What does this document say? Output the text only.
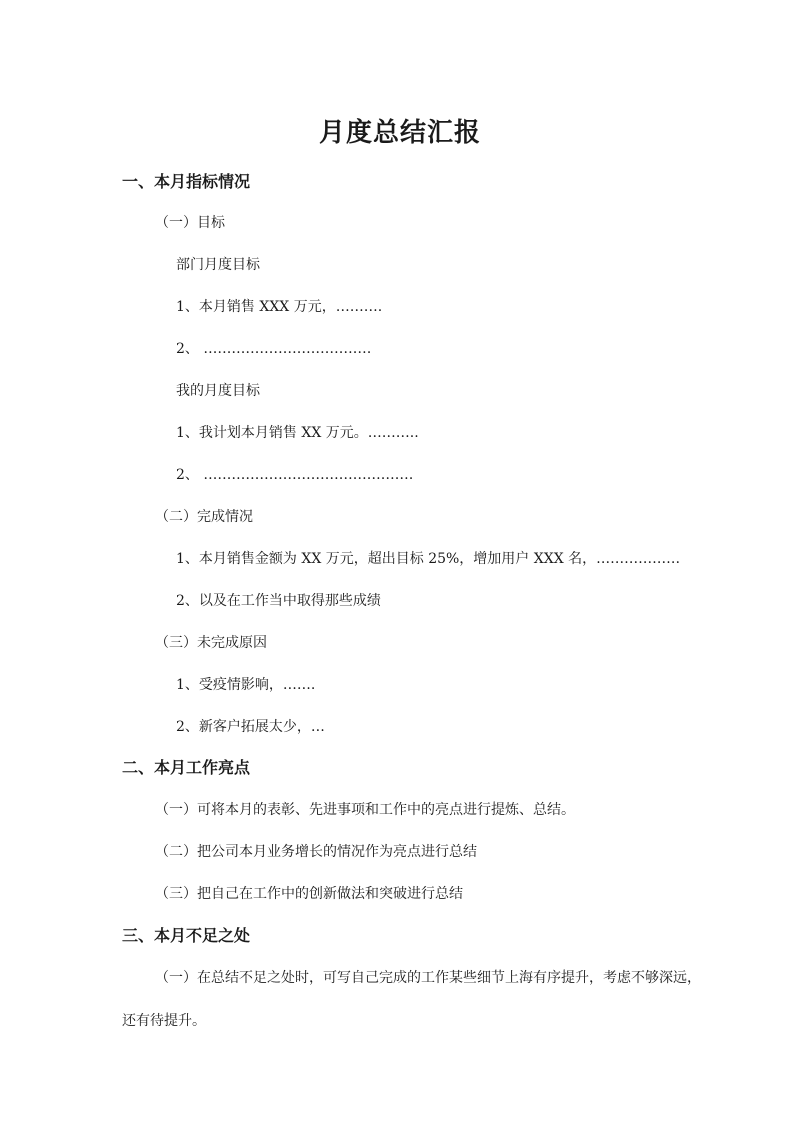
月度总结汇报
一、本月指标情况
（一）目标
部门月度目标
1、本月销售 XXX 万元，……….
2、 ………………………………
我的月度目标
1、我计划本月销售 XX 万元。………..
2、 ………………………………………
（二）完成情况
1、本月销售金额为 XX 万元，超出目标 25%，增加用户 XXX 名，………………
2、以及在工作当中取得那些成绩
（三）未完成原因
1、受疫情影响，…….
2、新客户拓展太少，…
二、本月工作亮点
（一）可将本月的表彰、先进事项和工作中的亮点进行提炼、总结。
（二）把公司本月业务增长的情况作为亮点进行总结
（三）把自己在工作中的创新做法和突破进行总结
三、本月不足之处
（一）在总结不足之处时，可写自己完成的工作某些细节上海有序提升，考虑不够深远，
还有待提升。
